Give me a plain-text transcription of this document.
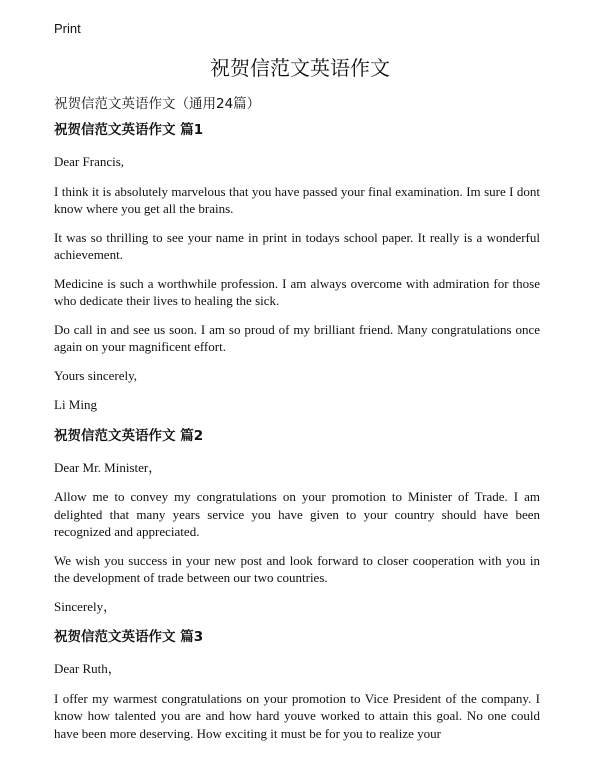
Print
祝贺信范文英语作文

祝贺信范文英语作文（通用24篇）

祝贺信范文英语作文 篇1

Dear Francis,

I think it is absolutely marvelous that you have passed your final examination. Im sure I dont know where you get all the brains.

It was so thrilling to see your name in print in todays school paper. It really is a wonderful achievement.

Medicine is such a worthwhile profession. I am always overcome with admiration for those who dedicate their lives to healing the sick.

Do call in and see us soon. I am so proud of my brilliant friend. Many congratulations once again on your magnificent effort.

Yours sincerely,

Li Ming

祝贺信范文英语作文 篇2

Dear Mr. Minister，

Allow me to convey my congratulations on your promotion to Minister of Trade. I am delighted that many years service you have given to your country should have been recognized and appreciated.

We wish you success in your new post and look forward to closer cooperation with you in the development of trade between our two countries.

Sincerely，

祝贺信范文英语作文 篇3

Dear Ruth，

I offer my warmest congratulations on your promotion to Vice President of the company. I know how talented you are and how hard youve worked to attain this goal. No one could have been more deserving. How exciting it must be for you to realize your
